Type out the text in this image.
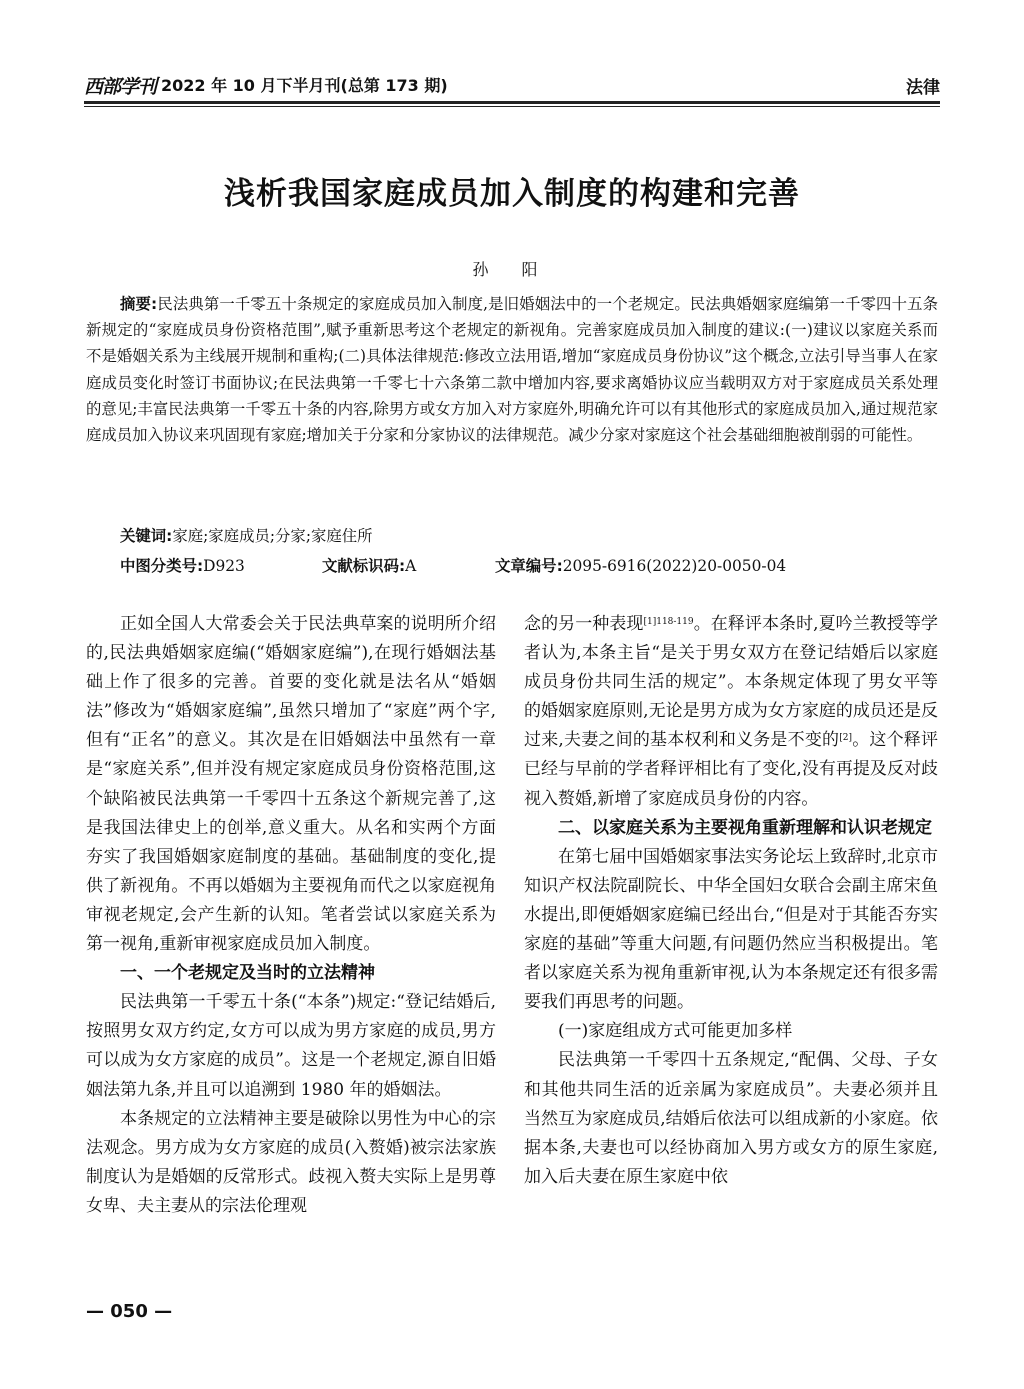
西部学刊 2022 年 10 月下半月刊(总第 173 期)	法律
浅析我国家庭成员加入制度的构建和完善
孙 阳

摘要:民法典第一千零五十条规定的家庭成员加入制度,是旧婚姻法中的一个老规定。民法典婚姻家庭编第一千零四十五条新规定的“家庭成员身份资格范围”,赋予重新思考这个老规定的新视角。完善家庭成员加入制度的建议:(一)建议以家庭关系而不是婚姻关系为主线展开规制和重构;(二)具体法律规范:修改立法用语,增加“家庭成员身份协议”这个概念,立法引导当事人在家庭成员变化时签订书面协议;在民法典第一千零七十六条第二款中增加内容,要求离婚协议应当载明双方对于家庭成员关系处理的意见;丰富民法典第一千零五十条的内容,除男方或女方加入对方家庭外,明确允许可以有其他形式的家庭成员加入,通过规范家庭成员加入协议来巩固现有家庭;增加关于分家和分家协议的法律规范。减少分家对家庭这个社会基础细胞被削弱的可能性。

关键词:家庭;家庭成员;分家;家庭住所
中图分类号:D923	文献标识码:A	文章编号:2095-6916(2022)20-0050-04

正如全国人大常委会关于民法典草案的说明所介绍的,民法典婚姻家庭编(“婚姻家庭编”),在现行婚姻法基础上作了很多的完善。首要的变化就是法名从“婚姻法”修改为“婚姻家庭编”,虽然只增加了“家庭”两个字,但有“正名”的意义。其次是在旧婚姻法中虽然有一章是“家庭关系”,但并没有规定家庭成员身份资格范围,这个缺陷被民法典第一千零四十五条这个新规完善了,这是我国法律史上的创举,意义重大。从名和实两个方面夯实了我国婚姻家庭制度的基础。基础制度的变化,提供了新视角。不再以婚姻为主要视角而代之以家庭视角审视老规定,会产生新的认知。笔者尝试以家庭关系为第一视角,重新审视家庭成员加入制度。

一、一个老规定及当时的立法精神

民法典第一千零五十条(“本条”)规定:“登记结婚后,按照男女双方约定,女方可以成为男方家庭的成员,男方可以成为女方家庭的成员”。这是一个老规定,源自旧婚姻法第九条,并且可以追溯到 1980 年的婚姻法。

本条规定的立法精神主要是破除以男性为中心的宗法观念。男方成为女方家庭的成员(入赘婚)被宗法家族制度认为是婚姻的反常形式。歧视入赘夫实际上是男尊女卑、夫主妻从的宗法伦理观

念的另一种表现$^{[1]118-119}$。在释评本条时,夏吟兰教授等学者认为,本条主旨“是关于男女双方在登记结婚后以家庭成员身份共同生活的规定”。本条规定体现了男女平等的婚姻家庭原则,无论是男方成为女方家庭的成员还是反过来,夫妻之间的基本权利和义务是不变的[2]。这个释评已经与早前的学者释评相比有了变化,没有再提及反对歧视入赘婚,新增了家庭成员身份的内容。

二、以家庭关系为主要视角重新理解和认识老规定

在第七届中国婚姻家事法实务论坛上致辞时,北京市知识产权法院副院长、中华全国妇女联合会副主席宋鱼水提出,即便婚姻家庭编已经出台,“但是对于其能否夯实家庭的基础”等重大问题,有问题仍然应当积极提出。笔者以家庭关系为视角重新审视,认为本条规定还有很多需要我们再思考的问题。

(一)家庭组成方式可能更加多样

民法典第一千零四十五条规定,“配偶、父母、子女和其他共同生活的近亲属为家庭成员”。夫妻必须并且当然互为家庭成员,结婚后依法可以组成新的小家庭。依据本条,夫妻也可以经协商加入男方或女方的原生家庭,加入后夫妻在原生家庭中依

— 050 —
